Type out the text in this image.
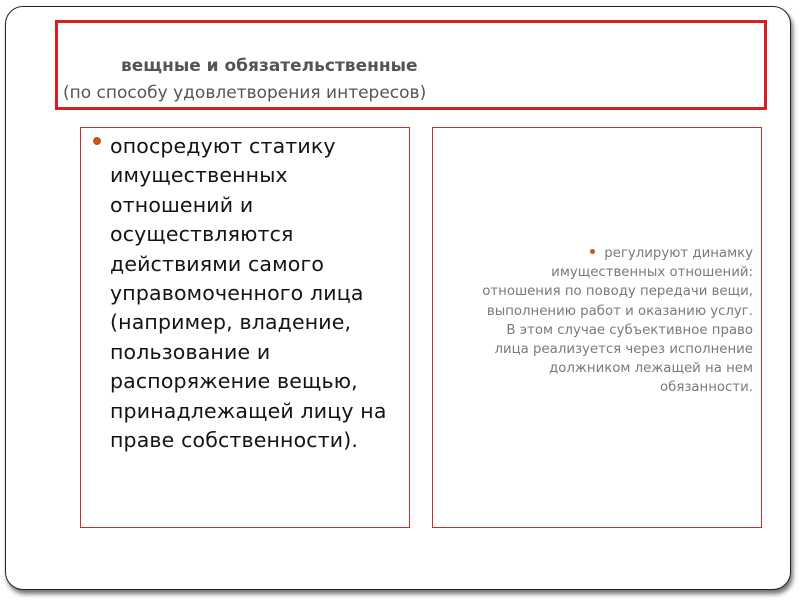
вещные и обязательственные
(по способу удовлетворения интересов)
опосредуют статику имущественных отношений и осуществляются действиями самого управомоченного лица (например, владение, пользование и распоряжение вещью, принадлежащей лицу на праве собственности).
регулируют динамку имущественных отношений: отношения по поводу передачи вещи, выполнению работ и оказанию услуг. В этом случае субъективное право лица реализуется через исполнение должником лежащей на нем обязанности.
